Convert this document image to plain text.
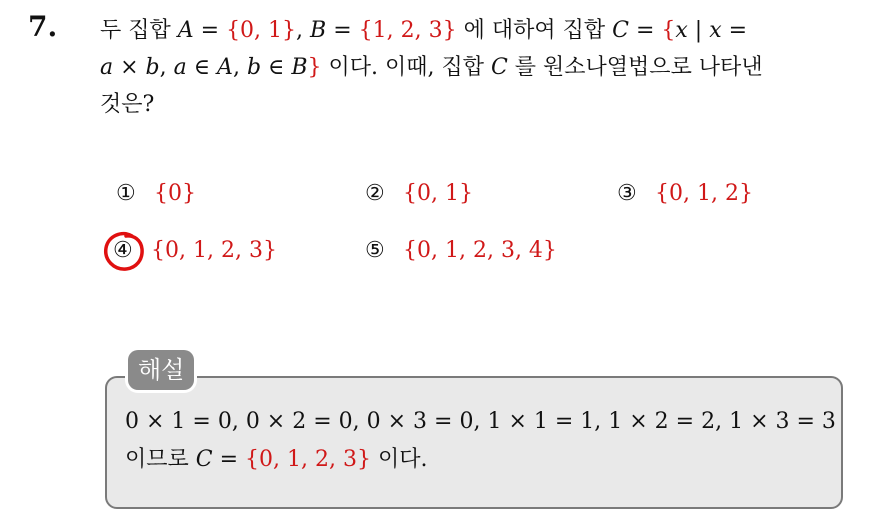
7. 두 집합 A = {0, 1}, B = {1, 2, 3} 에 대하여 집합 C = {x | x =
a × b, a ∈ A, b ∈ B} 이다. 이때, 집합 C 를 원소나열법으로 나타낸
것은?
① {0}	② {0, 1}	③ {0, 1, 2}
④ {0, 1, 2, 3}	⑤ {0, 1, 2, 3, 4}
해설
0 × 1 = 0, 0 × 2 = 0, 0 × 3 = 0, 1 × 1 = 1, 1 × 2 = 2, 1 × 3 = 3
이므로 C = {0, 1, 2, 3} 이다.
